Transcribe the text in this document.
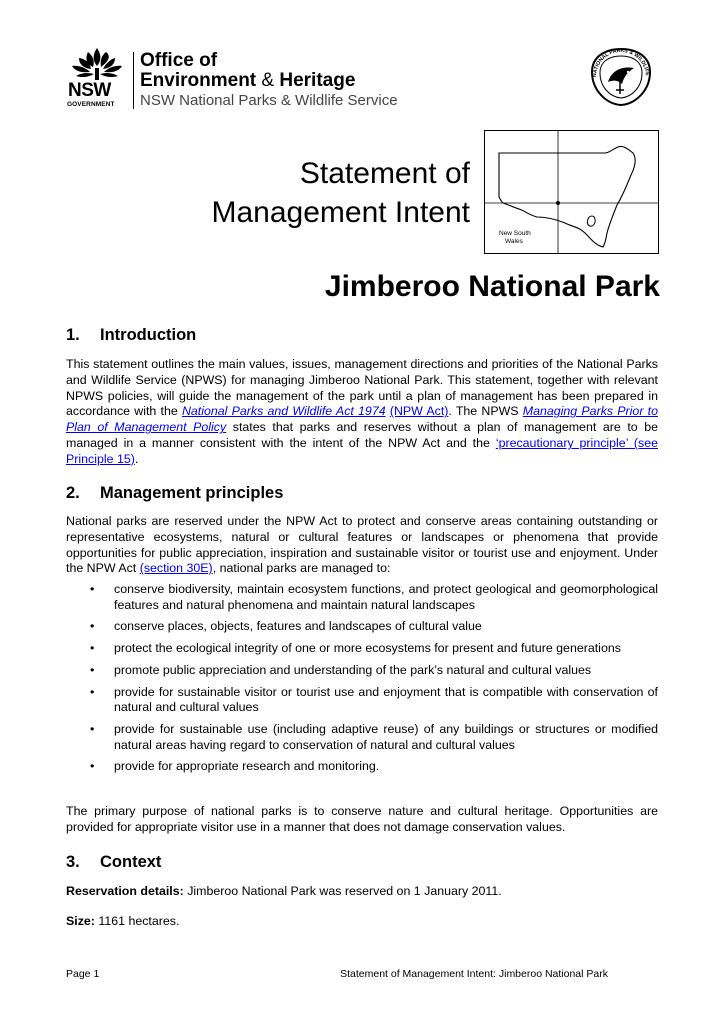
NSW
GOVERNMENT
Office of
Environment & Heritage
NSW National Parks & Wildlife Service
NATIONAL PARKS & WILDLIFE
Statement of
Management Intent
New South
Wales
Jimberoo National Park
1. Introduction
This statement outlines the main values, issues, management directions and priorities of the National Parks and Wildlife Service (NPWS) for managing Jimberoo National Park. This statement, together with relevant NPWS policies, will guide the management of the park until a plan of management has been prepared in accordance with the National Parks and Wildlife Act 1974 (NPW Act). The NPWS Managing Parks Prior to Plan of Management Policy states that parks and reserves without a plan of management are to be managed in a manner consistent with the intent of the NPW Act and the ‘precautionary principle’ (see Principle 15).
2. Management principles
National parks are reserved under the NPW Act to protect and conserve areas containing outstanding or representative ecosystems, natural or cultural features or landscapes or phenomena that provide opportunities for public appreciation, inspiration and sustainable visitor or tourist use and enjoyment. Under the NPW Act (section 30E), national parks are managed to:
• conserve biodiversity, maintain ecosystem functions, and protect geological and geomorphological features and natural phenomena and maintain natural landscapes
• conserve places, objects, features and landscapes of cultural value
• protect the ecological integrity of one or more ecosystems for present and future generations
• promote public appreciation and understanding of the park’s natural and cultural values
• provide for sustainable visitor or tourist use and enjoyment that is compatible with conservation of natural and cultural values
• provide for sustainable use (including adaptive reuse) of any buildings or structures or modified natural areas having regard to conservation of natural and cultural values
• provide for appropriate research and monitoring.
The primary purpose of national parks is to conserve nature and cultural heritage. Opportunities are provided for appropriate visitor use in a manner that does not damage conservation values.
3. Context
Reservation details: Jimberoo National Park was reserved on 1 January 2011.
Size: 1161 hectares.
Page 1	Statement of Management Intent: Jimberoo National Park
